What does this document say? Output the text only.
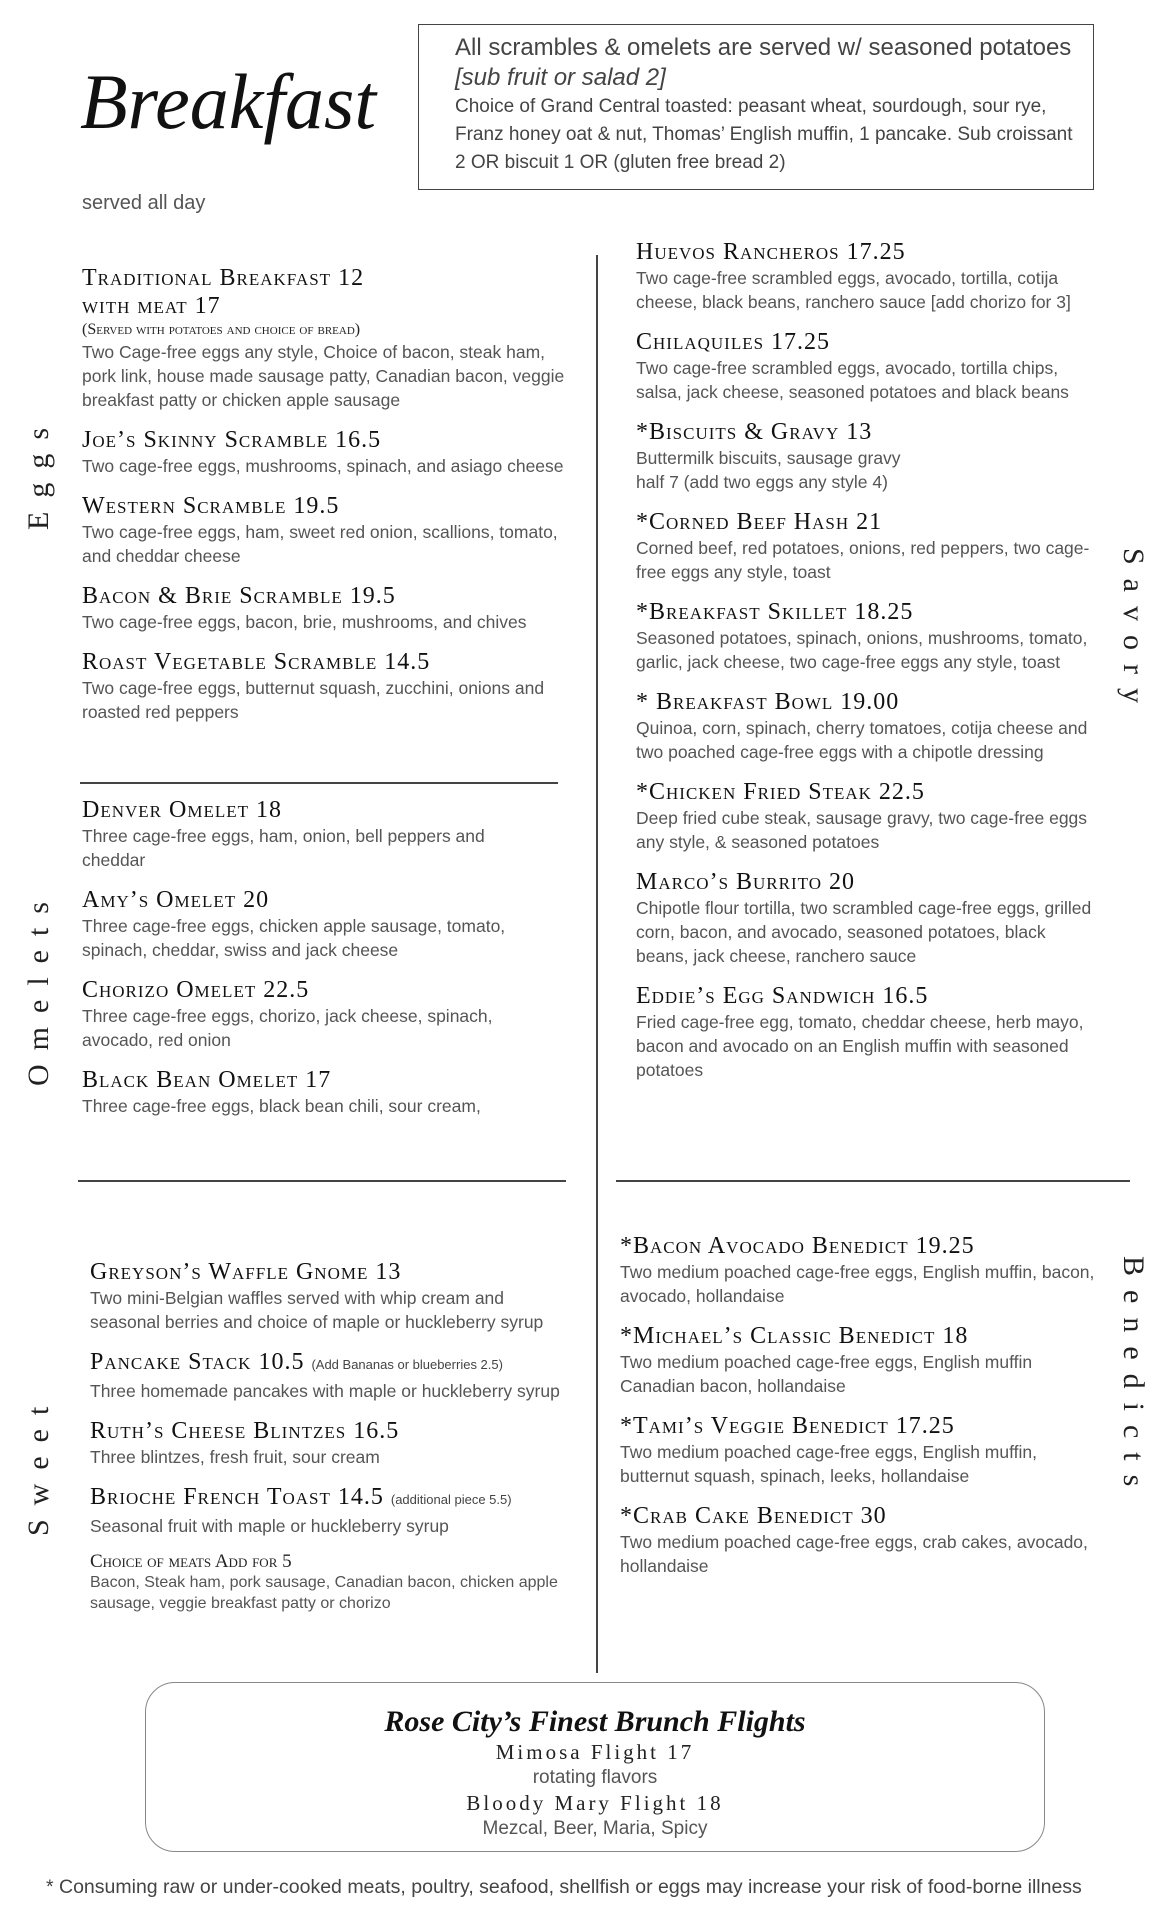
Breakfast
served all day
All scrambles & omelets are served w/ seasoned potatoes
[sub fruit or salad 2]
Choice of Grand Central toasted: peasant wheat, sourdough, sour rye, Franz honey oat & nut, Thomas’ English muffin, 1 pancake. Sub croissant 2 OR biscuit 1 OR (gluten free bread 2)
Eggs
Omelets
Sweet
Savory
Benedicts
Traditional Breakfast 12
with meat 17
(Served with potatoes and choice of bread)
Two Cage-free eggs any style, Choice of bacon, steak ham, pork link, house made sausage patty, Canadian bacon, veggie breakfast patty or chicken apple sausage
Joe’s Skinny Scramble 16.5
Two cage-free eggs, mushrooms, spinach, and asiago cheese
Western Scramble 19.5
Two cage-free eggs, ham, sweet red onion, scallions, tomato, and cheddar cheese
Bacon & Brie Scramble 19.5
Two cage-free eggs, bacon, brie, mushrooms, and chives
Roast Vegetable Scramble 14.5
Two cage-free eggs, butternut squash, zucchini, onions and roasted red peppers
Denver Omelet 18
Three cage-free eggs, ham, onion, bell peppers and cheddar
Amy’s Omelet 20
Three cage-free eggs, chicken apple sausage, tomato, spinach, cheddar, swiss and jack cheese
Chorizo Omelet 22.5
Three cage-free eggs, chorizo, jack cheese, spinach, avocado, red onion
Black Bean Omelet 17
Three cage-free eggs, black bean chili, sour cream,
Huevos Rancheros 17.25
Two cage-free scrambled eggs, avocado, tortilla, cotija cheese, black beans, ranchero sauce [add chorizo for 3]
Chilaquiles 17.25
Two cage-free scrambled eggs, avocado, tortilla chips, salsa, jack cheese, seasoned potatoes and black beans
*Biscuits & Gravy 13
Buttermilk biscuits, sausage gravy
half 7 (add two eggs any style 4)
*Corned Beef Hash 21
Corned beef, red potatoes, onions, red peppers, two cage-free eggs any style, toast
*Breakfast Skillet 18.25
Seasoned potatoes, spinach, onions, mushrooms, tomato, garlic, jack cheese, two cage-free eggs any style, toast
* Breakfast Bowl 19.00
Quinoa, corn, spinach, cherry tomatoes, cotija cheese and two poached cage-free eggs with a chipotle dressing
*Chicken Fried Steak 22.5
Deep fried cube steak, sausage gravy, two cage-free eggs any style, & seasoned potatoes
Marco’s Burrito 20
Chipotle flour tortilla, two scrambled cage-free eggs, grilled corn, bacon, and avocado, seasoned potatoes, black beans, jack cheese, ranchero sauce
Eddie’s Egg Sandwich 16.5
Fried cage-free egg, tomato, cheddar cheese, herb mayo, bacon and avocado on an English muffin with seasoned potatoes
Greyson’s Waffle Gnome 13
Two mini-Belgian waffles served with whip cream and seasonal berries and choice of maple or huckleberry syrup
Pancake Stack 10.5 (Add Bananas or blueberries 2.5)
Three homemade pancakes with maple or huckleberry syrup
Ruth’s Cheese Blintzes 16.5
Three blintzes, fresh fruit, sour cream
Brioche French Toast 14.5 (additional piece 5.5)
Seasonal fruit with maple or huckleberry syrup
Choice of meats Add for 5
Bacon, Steak ham, pork sausage, Canadian bacon, chicken apple sausage, veggie breakfast patty or chorizo
*Bacon Avocado Benedict 19.25
Two medium poached cage-free eggs, English muffin, bacon, avocado, hollandaise
*Michael’s Classic Benedict 18
Two medium poached cage-free eggs, English muffin Canadian bacon, hollandaise
*Tami’s Veggie Benedict 17.25
Two medium poached cage-free eggs, English muffin, butternut squash, spinach, leeks, hollandaise
*Crab Cake Benedict 30
Two medium poached cage-free eggs, crab cakes, avocado, hollandaise
Rose City’s Finest Brunch Flights
Mimosa Flight 17
rotating flavors
Bloody Mary Flight 18
Mezcal, Beer, Maria, Spicy
* Consuming raw or under-cooked meats, poultry, seafood, shellfish or eggs may increase your risk of food-borne illness
